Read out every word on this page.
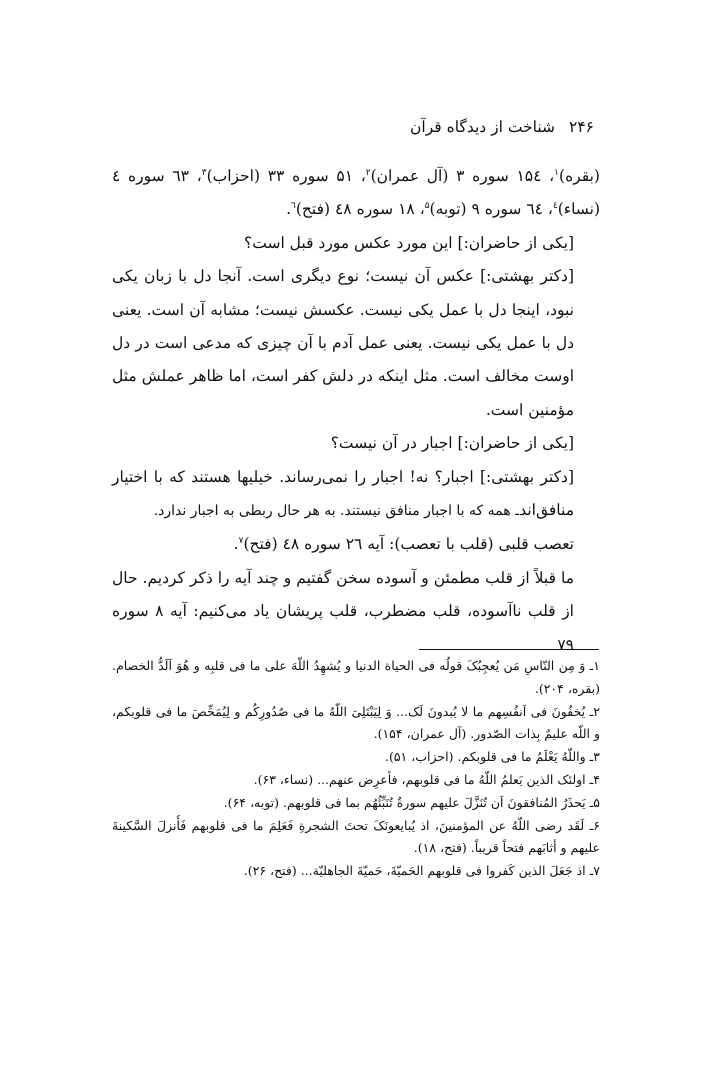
۲۴۶شناخت از دیدگاه قرآن

(بقره)$^۱$، ۱۵٤ سوره ۳ (آل عمران)$^۲$، ۵۱ سوره ۳۳ (احزاب)$^۳$، ٦۳ سوره ٤ (نساء)$^٤$، ٦٤ سوره ۹ (توبه)$^۵$، ۱۸ سوره ٤۸ (فتح)$^٦$.

[یکی از حاضران:] این مورد عکس مورد قبل است؟

[دکتر بهشتی:] عکس آن نیست؛ نوع دیگری است. آنجا دل با زبان یکی نبود، اینجا دل با عمل یکی نیست. عکسش نیست؛ مشابه آن است. یعنی دل با عمل یکی نیست. یعنی عمل آدم با آن چیزی که مدعی است در دل اوست مخالف است. مثل اینکه در دلش کفر است، اما ظاهر عملش مثل مؤمنین است.

[یکی از حاضران:] اجبار در آن نیست؟

[دکتر بهشتی:] اجبار؟ نه! اجبار را نمی‌رساند. خیلیها هستند که با اختیار منافق‌اندـ همه که با اجبار منافق نیستند. به هر حال ربطی به اجبار ندارد.

تعصب قلبی (قلب با تعصب): آیه ۲٦ سوره ٤۸ (فتح)$^۷$.

ما قبلاً از قلب مطمئن و آسوده سخن گفتیم و چند آیه را ذکر کردیم. حال از قلب ناآسوده، قلب مضطرب، قلب پریشان یاد می‌کنیم: آیه ۸ سوره ۷۹

۱ـ وَ مِن النّاسِ مَن یُعجِبُکَ قولُه فی الحیاة الدنیا و یُشهِدُ اللّهَ علی ما فی قلبِه و هُوَ اَلَدُّ الخصام. (بقره، ۲۰۴).

۲ـ یُخفُونَ فی اَنفُسِهم ما لا یُبدونَ لَک... وَ لِیَبْتَلِیَ اللّهُ ما فی صُدُورِکُم و لِیُمَحِّصَ ما فی قلوبکم، و اللّه علیمٌ بِذات الصّدور. (آل عمران، ۱۵۴).

۳ـ واللّهُ یَعْلَمُ ما فی قلوبکم. (احزاب، ۵۱).

۴ـ اولئک الذین یَعلمُ اللّهُ ما فی قلوبهم، فأعرِض عنهم... (نساء، ۶۳).

۵ـ یَحذَرُ المُنافقونَ اَن تُنَزَّلَ علیهم سورةٌ تُنَبِّئُهُم بما فی قلوبهم. (توبه، ۶۴).

۶ـ لَقَد رضی اللّهُ عن المؤمنینَ، اذ یُبایعونَکَ تحتَ الشجرةِ فَعَلِمَ ما فی قلوبهم فَأَنزلَ السَّکینةَ علیهم و أثابَهم فتحاً قریباً. (فتح، ۱۸).

۷ـ اذ جَعَلَ الذین کَفروا فی قلوبهم الحَمیّةَ، حَمیّةَ الجاهلیّة... (فتح، ۲۶).
